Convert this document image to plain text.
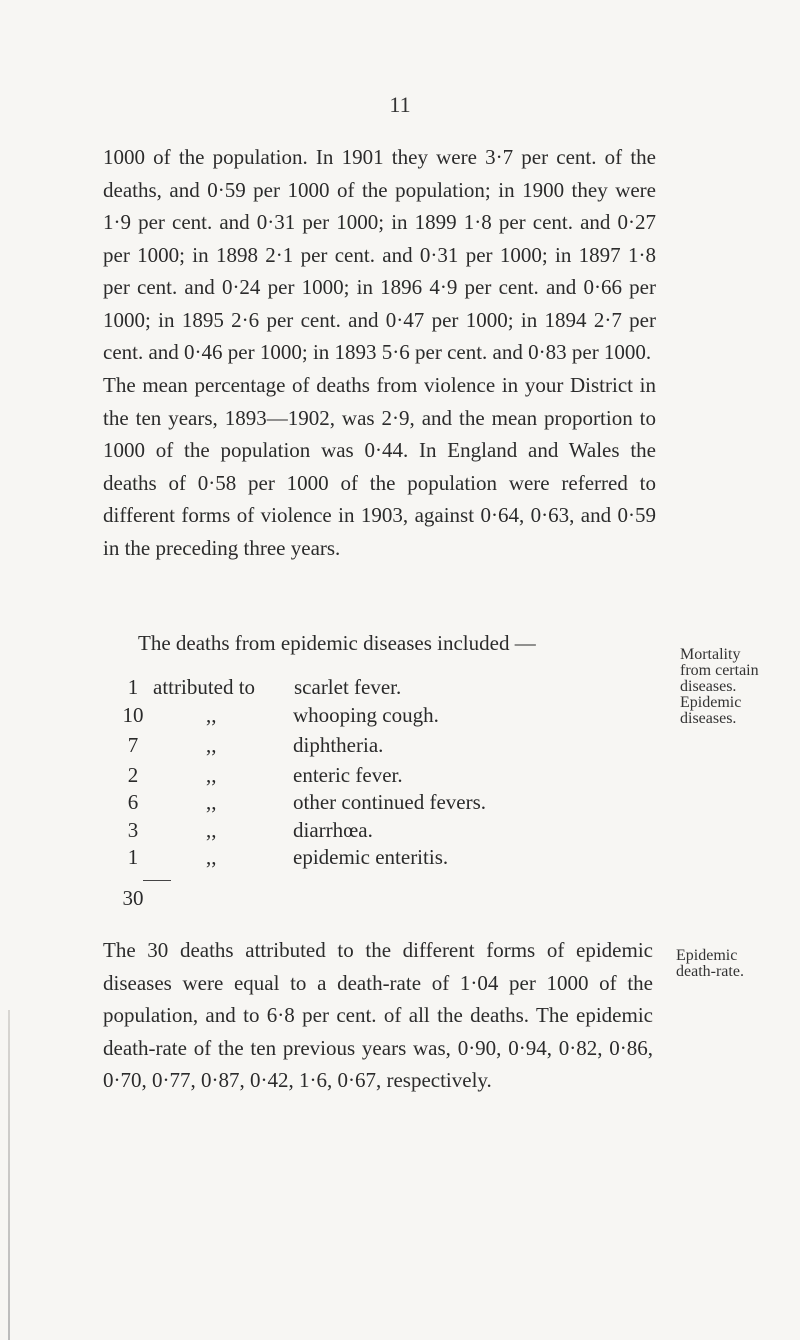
11

1000 of the population. In 1901 they were 3·7 per cent. of the deaths, and 0·59 per 1000 of the population; in 1900 they were 1·9 per cent. and 0·31 per 1000; in 1899 1·8 per cent. and 0·27 per 1000; in 1898 2·1 per cent. and 0·31 per 1000; in 1897 1·8 per cent. and 0·24 per 1000; in 1896 4·9 per cent. and 0·66 per 1000; in 1895 2·6 per cent. and 0·47 per 1000; in 1894 2·7 per cent. and 0·46 per 1000; in 1893 5·6 per cent. and 0·83 per 1000.

The mean percentage of deaths from violence in your District in the ten years, 1893—1902, was 2·9, and the mean proportion to 1000 of the population was 0·44. In England and Wales the deaths of 0·58 per 1000 of the population were referred to different forms of violence in 1903, against 0·64, 0·63, and 0·59 in the preceding three years.

The deaths from epidemic diseases included —

1 attributed to scarlet fever.
10	,,	whooping cough.
7	,,	diphtheria.
2	,,	enteric fever.
6	,,	other continued fevers.
3	,,	diarrhœa.
1	,,	epidemic enteritis.
30

The 30 deaths attributed to the different forms of epidemic diseases were equal to a death-rate of 1·04 per 1000 of the population, and to 6·8 per cent. of all the deaths. The epidemic death-rate of the ten previous years was, 0·90, 0·94, 0·82, 0·86, 0·70, 0·77, 0·87, 0·42, 1·6, 0·67, respectively.

Mortality
from certain
diseases.
Epidemic
diseases.
Epidemic
death-rate.
